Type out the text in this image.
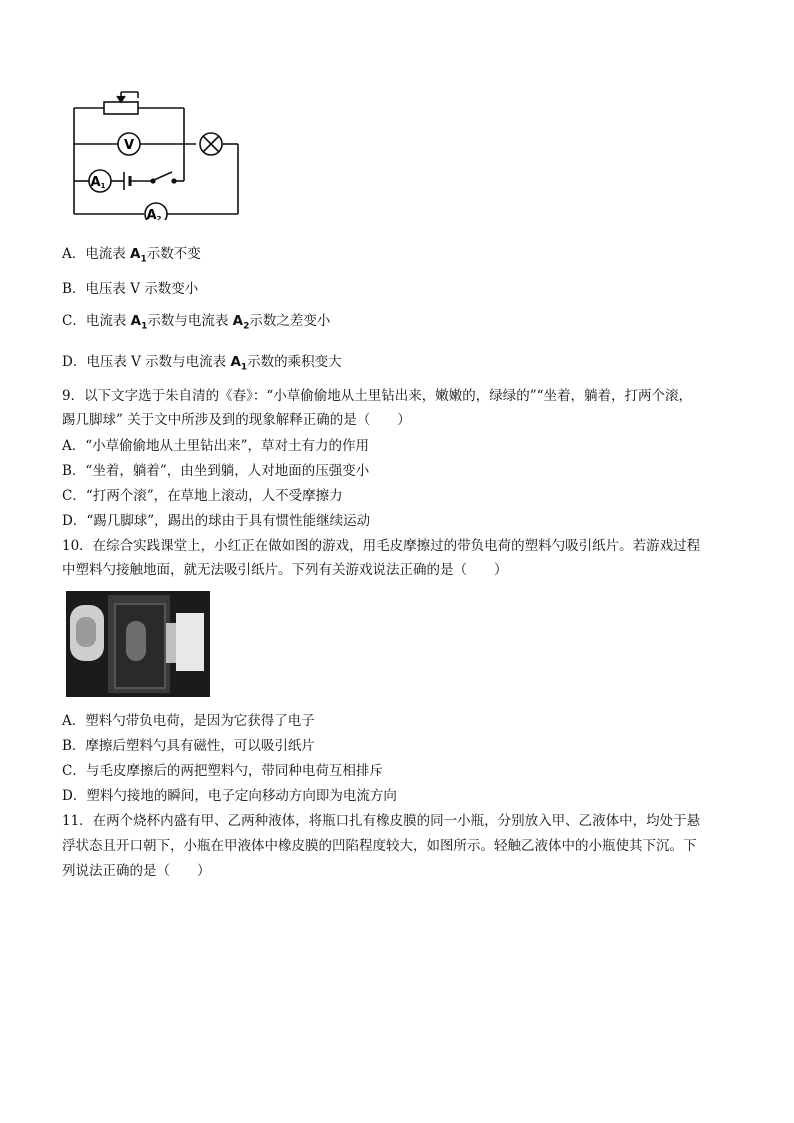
V
A1
A2
A．电流表 $A_1$示数不变
B．电压表 V 示数变小
C．电流表 $A_1$示数与电流表 $A_2$示数之差变小
D．电压表 V 示数与电流表 $A_1$示数的乘积变大
9．以下文字选于朱自清的《春》：“小草偷偷地从土里钻出来，嫩嫩的，绿绿的”“坐着，躺着，打两个滚，
踢几脚球” 关于文中所涉及到的现象解释正确的是（　　）
A．“小草偷偷地从土里钻出来”，草对土有力的作用
B．“坐着，躺着”，由坐到躺，人对地面的压强变小
C．“打两个滚”，在草地上滚动，人不受摩擦力
D．“踢几脚球”，踢出的球由于具有惯性能继续运动
10．在综合实践课堂上，小红正在做如图的游戏，用毛皮摩擦过的带负电荷的塑料勺吸引纸片。若游戏过程
中塑料勺接触地面，就无法吸引纸片。下列有关游戏说法正确的是（　　）
A．塑料勺带负电荷，是因为它获得了电子
B．摩擦后塑料勺具有磁性，可以吸引纸片
C．与毛皮摩擦后的两把塑料勺，带同种电荷互相排斥
D．塑料勺接地的瞬间，电子定向移动方向即为电流方向
11．在两个烧杯内盛有甲、乙两种液体，将瓶口扎有橡皮膜的同一小瓶，分别放入甲、乙液体中，均处于悬
浮状态且开口朝下，小瓶在甲液体中橡皮膜的凹陷程度较大，如图所示。轻触乙液体中的小瓶使其下沉。下
列说法正确的是（　　）
